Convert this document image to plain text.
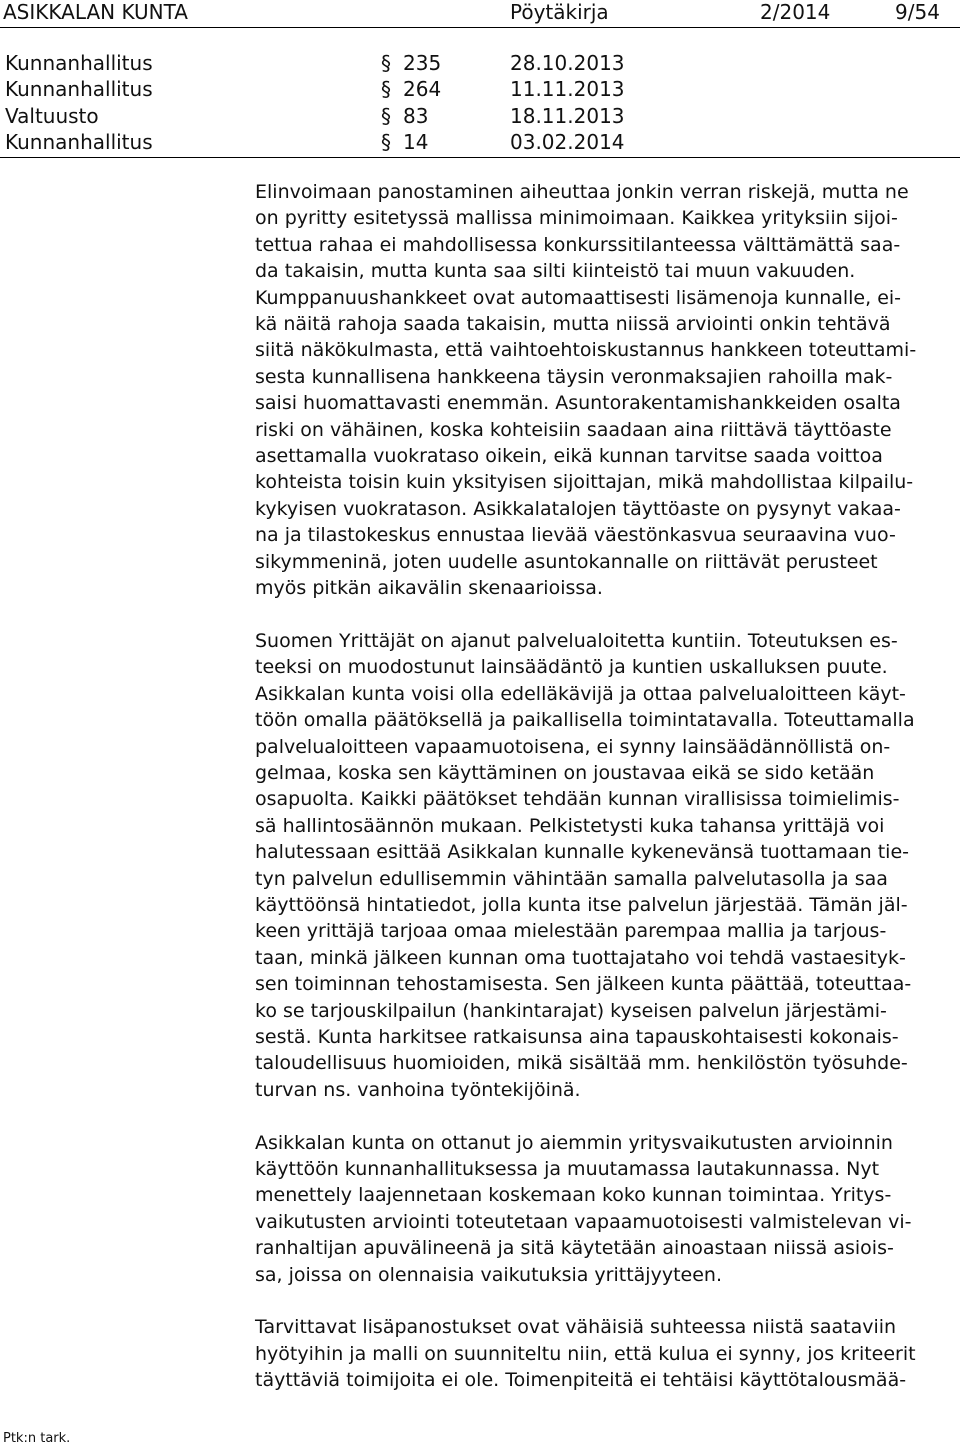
ASIKKALAN KUNTA	Pöytäkirja	2/2014	9/54
Kunnanhallitus	§ 235	28.10.2013
Kunnanhallitus	§ 264	11.11.2013
Valtuusto	§ 83	18.11.2013
Kunnanhallitus	§ 14	03.02.2014

Elinvoimaan panostaminen aiheuttaa jonkin verran riskejä, mutta ne
on pyritty esitetyssä mallissa minimoimaan. Kaikkea yrityksiin sijoi-
tettua rahaa ei mahdollisessa konkurssitilanteessa välttämättä saa-
da takaisin, mutta kunta saa silti kiinteistö tai muun vakuuden.
Kumppanuushankkeet ovat automaattisesti lisämenoja kunnalle, ei-
kä näitä rahoja saada takaisin, mutta niissä arviointi onkin tehtävä
siitä näkökulmasta, että vaihtoehtoiskustannus hankkeen toteuttami-
sesta kunnallisena hankkeena täysin veronmaksajien rahoilla mak-
saisi huomattavasti enemmän. Asuntorakentamishankkeiden osalta
riski on vähäinen, koska kohteisiin saadaan aina riittävä täyttöaste
asettamalla vuokrataso oikein, eikä kunnan tarvitse saada voittoa
kohteista toisin kuin yksityisen sijoittajan, mikä mahdollistaa kilpailu-
kykyisen vuokratason. Asikkalatalojen täyttöaste on pysynyt vakaa-
na ja tilastokeskus ennustaa lievää väestönkasvua seuraavina vuo-
sikymmeninä, joten uudelle asuntokannalle on riittävät perusteet
myös pitkän aikavälin skenaarioissa.

Suomen Yrittäjät on ajanut palvelualoitetta kuntiin. Toteutuksen es-
teeksi on muodostunut lainsäädäntö ja kuntien uskalluksen puute.
Asikkalan kunta voisi olla edelläkävijä ja ottaa palvelualoitteen käyt-
töön omalla päätöksellä ja paikallisella toimintatavalla. Toteuttamalla
palvelualoitteen vapaamuotoisena, ei synny lainsäädännöllistä on-
gelmaa, koska sen käyttäminen on joustavaa eikä se sido ketään
osapuolta. Kaikki päätökset tehdään kunnan virallisissa toimielimis-
sä hallintosäännön mukaan. Pelkistetysti kuka tahansa yrittäjä voi
halutessaan esittää Asikkalan kunnalle kykenevänsä tuottamaan tie-
tyn palvelun edullisemmin vähintään samalla palvelutasolla ja saa
käyttöönsä hintatiedot, jolla kunta itse palvelun järjestää. Tämän jäl-
keen yrittäjä tarjoaa omaa mielestään parempaa mallia ja tarjous-
taan, minkä jälkeen kunnan oma tuottajataho voi tehdä vastaesityk-
sen toiminnan tehostamisesta. Sen jälkeen kunta päättää, toteuttaa-
ko se tarjouskilpailun (hankintarajat) kyseisen palvelun järjestämi-
sestä. Kunta harkitsee ratkaisunsa aina tapauskohtaisesti kokonais-
taloudellisuus huomioiden, mikä sisältää mm. henkilöstön työsuhde-
turvan ns. vanhoina työntekijöinä.

Asikkalan kunta on ottanut jo aiemmin yritysvaikutusten arvioinnin
käyttöön kunnanhallituksessa ja muutamassa lautakunnassa. Nyt
menettely laajennetaan koskemaan koko kunnan toimintaa. Yritys-
vaikutusten arviointi toteutetaan vapaamuotoisesti valmistelevan vi-
ranhaltijan apuvälineenä ja sitä käytetään ainoastaan niissä asiois-
sa, joissa on olennaisia vaikutuksia yrittäjyyteen.

Tarvittavat lisäpanostukset ovat vähäisiä suhteessa niistä saataviin
hyötyihin ja malli on suunniteltu niin, että kulua ei synny, jos kriteerit
täyttäviä toimijoita ei ole. Toimenpiteitä ei tehtäisi käyttötalousmää-

Ptk:n tark.
